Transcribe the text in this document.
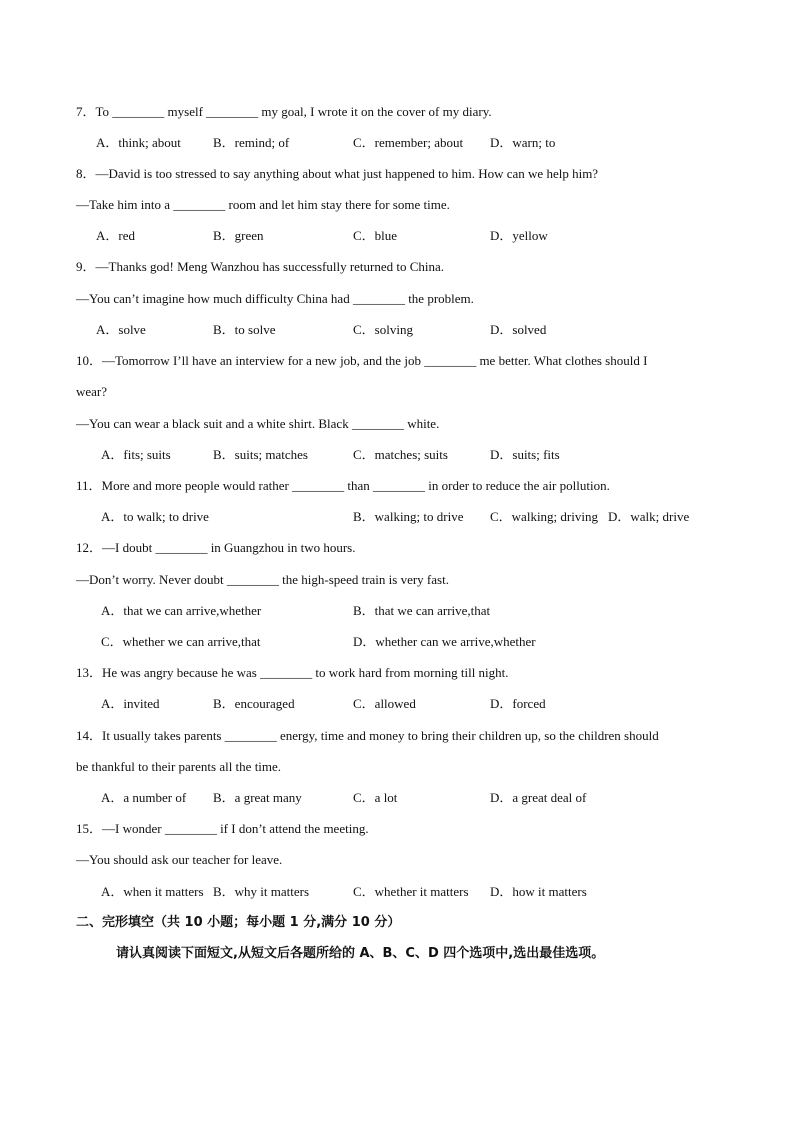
7．To ________ myself ________ my goal, I wrote it on the cover of my diary.
A．think; about B．remind; of	C．remember; about D．warn; to
8．—David is too stressed to say anything about what just happened to him. How can we help him?
—Take him into a ________ room and let him stay there for some time.
A．red	B．green	C．blue	D．yellow
9．—Thanks god! Meng Wanzhou has successfully returned to China.
—You can’t imagine how much difficulty China had ________ the problem.
A．solve	B．to solve	C．solving	D．solved
10．—Tomorrow I’ll have an interview for a new job, and the job ________ me better. What clothes should I
wear?
—You can wear a black suit and a white shirt. Black ________ white.
A．fits; suits	B．suits; matches	C．matches; suits	D．suits; fits
11．More and more people would rather ________ than ________ in order to reduce the air pollution.
A．to walk; to drive	B．walking; to drive C．walking; driving D．walk; drive
12．—I doubt ________ in Guangzhou in two hours.
—Don’t worry. Never doubt ________ the high-speed train is very fast.
A．that we can arrive,whether	B．that we can arrive,that
C．whether we can arrive,that	D．whether can we arrive,whether
13．He was angry because he was ________ to work hard from morning till night.
A．invited	B．encouraged	C．allowed	D．forced
14．It usually takes parents ________ energy, time and money to bring their children up, so the children should
be thankful to their parents all the time.
A．a number of B．a great many	C．a lot	D．a great deal of
15．—I wonder ________ if I don’t attend the meeting.
—You should ask our teacher for leave.
A．when it matters B．why it matters	C．whether it matters D．how it matters
二、完形填空（共 10 小题；每小题 1 分,满分 10 分）
请认真阅读下面短文,从短文后各题所给的 A、B、C、D 四个选项中,选出最佳选项。
